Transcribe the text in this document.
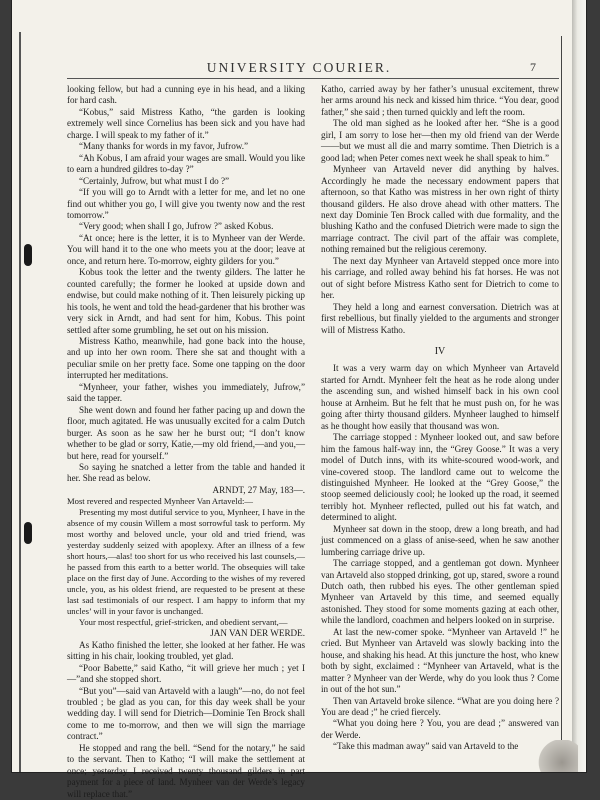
UNIVERSITY COURIER.	7

looking fellow, but had a cunning eye in his head, and a liking for hard cash.

“Kobus,” said Mistress Katho, “the garden is looking extremely well since Cornelius has been sick and you have had charge. I will speak to my father of it.”

“Many thanks for words in my favor, Jufrow.”

“Ah Kobus, I am afraid your wages are small. Would you like to earn a hundred gildres to-day ?”

“Certainly, Jufrow, but what must I do ?”

“If you will go to Arndt with a letter for me, and let no one find out whither you go, I will give you twenty now and the rest tomorrow.”

“Very good; when shall I go, Jufrow ?” asked Kobus.

“At once; here is the letter, it is to Mynheer van der Werde. You will hand it to the one who meets you at the door; leave at once, and return here. To-morrow, eighty gilders for you.”

Kobus took the letter and the twenty gilders. The latter he counted carefully; the former he looked at upside down and endwise, but could make nothing of it. Then leisurely picking up his tools, he went and told the head-gardener that his brother was very sick in Arndt, and had sent for him, Kobus. This point settled after some grumbling, he set out on his mission.

Mistress Katho, meanwhile, had gone back into the house, and up into her own room. There she sat and thought with a peculiar smile on her pretty face. Some one tapping on the door interrupted her meditations.

“Mynheer, your father, wishes you immediately, Jufrow,” said the tapper.

She went down and found her father pacing up and down the floor, much agitated. He was unusually excited for a calm Dutch burger. As soon as he saw her he burst out; “I don’t know whether to be glad or sorry, Katie,—my old friend,—and you,—but here, read for yourself.”

So saying he snatched a letter from the table and handed it her. She read as below.

ARNDT, 27 May, 183—.

Most revered and respected Mynheer Van Artaveld:—

Presenting my most dutiful service to you, Mynheer, I have in the absence of my cousin Willem a most sorrowful task to perform. My most worthy and beloved uncle, your old and tried friend, was yesterday suddenly seized with apoplexy. After an illness of a few short hours,—alas! too short for us who received his last counsels,—he passed from this earth to a better world. The obsequies will take place on the first day of June. According to the wishes of my revered uncle, you, as his oldest friend, are requested to be present at these last sad testimonials of our respect. I am happy to inform that my uncles’ will in your favor is unchanged.

Your most respectful, grief-stricken, and obedient servant,—

JAN VAN DER WERDE.

As Katho finished the letter, she looked at her father. He was sitting in his chair, looking troubled, yet glad.

“Poor Babette,” said Katho, “it will grieve her much ; yet I—”and she stopped short.

“But you”—said van Artaveld with a laugh”—no, do not feel troubled ; be glad as you can, for this day week shall be your wedding day. I will send for Dietrich—Dominie Ten Brock shall come to me to-morrow, and then we will sign the marriage contract.”

He stopped and rang the bell. “Send for the notary,” he said to the servant. Then to Katho; “I will make the settlement at once; yesterday I received twenty thousand gilders in part payment for a piece of land. Mynheer van der Werde’s legacy will replace that.”

Katho, carried away by her father’s unusual excitement, threw her arms around his neck and kissed him thrice. “You dear, good father,” she said ; then turned quickly and left the room.

The old man sighed as he looked after her. “She is a good girl, I am sorry to lose her—then my old friend van der Werde——but we must all die and marry somtime. Then Dietrich is a good lad; when Peter comes next week he shall speak to him.”

Mynheer van Artaveld never did anything by halves. Accordingly he made the necessary endowment papers that afternoon, so that Katho was mistress in her own right of thirty thousand gilders. He also drove ahead with other matters. The next day Dominie Ten Brock called with due formality, and the blushing Katho and the confused Dietrich were made to sign the marriage contract. The civil part of the affair was complete, nothing remained but the religious ceremony.

The next day Mynheer van Artaveld stepped once more into his carriage, and rolled away behind his fat horses. He was not out of sight before Mistress Katho sent for Dietrich to come to her.

They held a long and earnest conversation. Dietrich was at first rebellious, but finally yielded to the arguments and stronger will of Mistress Katho.

IV

It was a very warm day on which Mynheer van Artaveld started for Arndt. Mynheer felt the heat as he rode along under the ascending sun, and wished himself back in his own cool house at Arnheim. But he felt that he must push on, for he was going after thirty thousand gilders. Mynheer laughed to himself as he thought how easily that thousand was won.

The carriage stopped : Mynheer looked out, and saw before him the famous half-way inn, the “Grey Goose.” It was a very model of Dutch inns, with its white-scoured wood-work, and vine-covered stoop. The landlord came out to welcome the distinguished Mynheer. He looked at the “Grey Goose,” the stoop seemed deliciously cool; he looked up the road, it seemed terribly hot. Mynheer reflected, pulled out his fat watch, and determined to alight.

Mynheer sat down in the stoop, drew a long breath, and had just commenced on a glass of anise-seed, when he saw another lumbering carriage drive up.

The carriage stopped, and a gentleman got down. Mynheer van Artaveld also stopped drinking, got up, stared, swore a round Dutch oath, then rubbed his eyes. The other gentleman spied Mynheer van Artaveld by this time, and seemed equally astonished. They stood for some moments gazing at each other, while the landlord, coachmen and helpers looked on in surprise.

At last the new-comer spoke. “Mynheer van Artaveld !” he cried. But Mynheer van Artaveld was slowly backing into the house, and shaking his head. At this juncture the host, who knew both by sight, exclaimed : “Mynheer van Artaveld, what is the matter ? Mynheer van der Werde, why do you look thus ? Come in out of the hot sun.”

Then van Artaveld broke silence. “What are you doing here ? You are dead ;” he cried fiercely.

“What you doing here ? You, you are dead ;” answered van der Werde.

“Take this madman away” said van Artaveld to the
